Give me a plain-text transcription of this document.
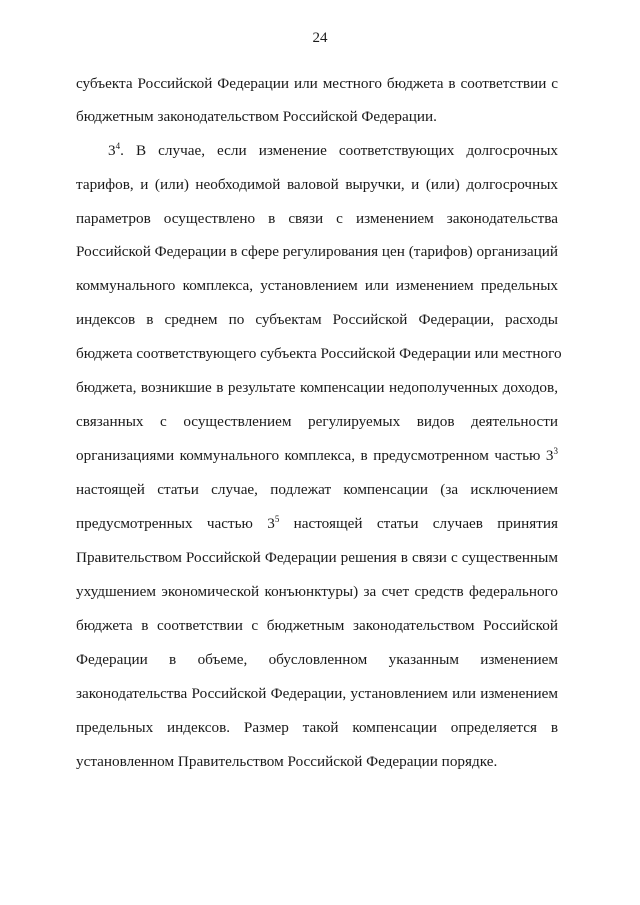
24
субъекта Российской Федерации или местного бюджета в соответствии с
бюджетным законодательством Российской Федерации.
$3^4$. В случае, если изменение соответствующих долгосрочных
тарифов, и (или) необходимой валовой выручки, и (или) долгосрочных
параметров осуществлено в связи с изменением законодательства
Российской Федерации в сфере регулирования цен (тарифов) организаций
коммунального комплекса, установлением или изменением предельных
индексов в среднем по субъектам Российской Федерации, расходы
бюджета соответствующего субъекта Российской Федерации или местного
бюджета, возникшие в результате компенсации недополученных доходов,
связанных с осуществлением регулируемых видов деятельности
организациями коммунального комплекса, в предусмотренном частью $3^3$
настоящей статьи случае, подлежат компенсации (за исключением
предусмотренных частью $3^5$ настоящей статьи случаев принятия
Правительством Российской Федерации решения в связи с существенным
ухудшением экономической конъюнктуры) за счет средств федерального
бюджета в соответствии с бюджетным законодательством Российской
Федерации в объеме, обусловленном указанным изменением
законодательства Российской Федерации, установлением или изменением
предельных индексов. Размер такой компенсации определяется в
установленном Правительством Российской Федерации порядке.
